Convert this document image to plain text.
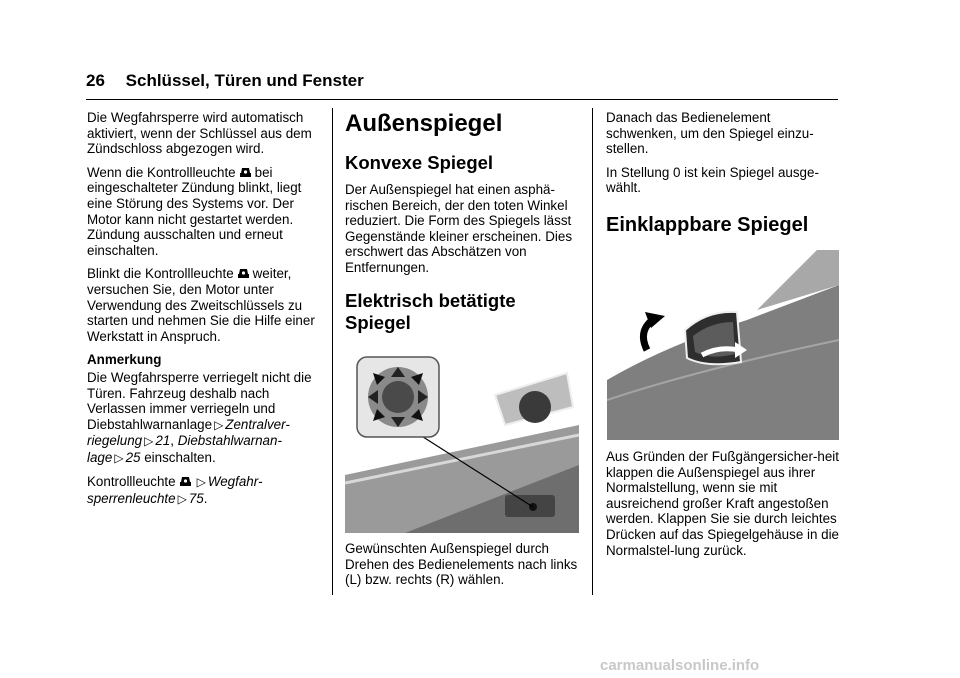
26 Schlüssel, Türen und Fenster

Die Wegfahrsperre wird automatisch aktiviert, wenn der Schlüssel aus dem Zündschloss abgezogen wird.

Wenn die Kontrollleuchte bei eingeschalteter Zündung blinkt, liegt eine Störung des Systems vor. Der Motor kann nicht gestartet werden. Zündung ausschalten und erneut einschalten.

Blinkt die Kontrollleuchte weiter, versuchen Sie, den Motor unter Verwendung des Zweitschlüssels zu starten und nehmen Sie die Hilfe einer Werkstatt in Anspruch.

Anmerkung

Die Wegfahrsperre verriegelt nicht die Türen. Fahrzeug deshalb nach Verlassen immer verriegeln und Diebstahlwarnanlage ▷ Zentralver-riegelung ▷ 21, Diebstahlwarnan-lage ▷ 25 einschalten.

Kontrollleuchte ▷ Wegfahr-sperrenleuchte ▷ 75.

Außenspiegel
Konvexe Spiegel

Der Außenspiegel hat einen asphä-rischen Bereich, der den toten Winkel reduziert. Die Form des Spiegels lässt Gegenstände kleiner erscheinen. Dies erschwert das Abschätzen von Entfernungen.

Elektrisch betätigte Spiegel

Gewünschten Außenspiegel durch Drehen des Bedienelements nach links (L) bzw. rechts (R) wählen.

Danach das Bedienelement schwenken, um den Spiegel einzu-stellen.

In Stellung 0 ist kein Spiegel ausge-wählt.

Einklappbare Spiegel

Aus Gründen der Fußgängersicher-heit klappen die Außenspiegel aus ihrer Normalstellung, wenn sie mit ausreichend großer Kraft angestoßen werden. Klappen Sie sie durch leichtes Drücken auf das Spiegelgehäuse in die Normalstel-lung zurück.

carmanualsonline.info
